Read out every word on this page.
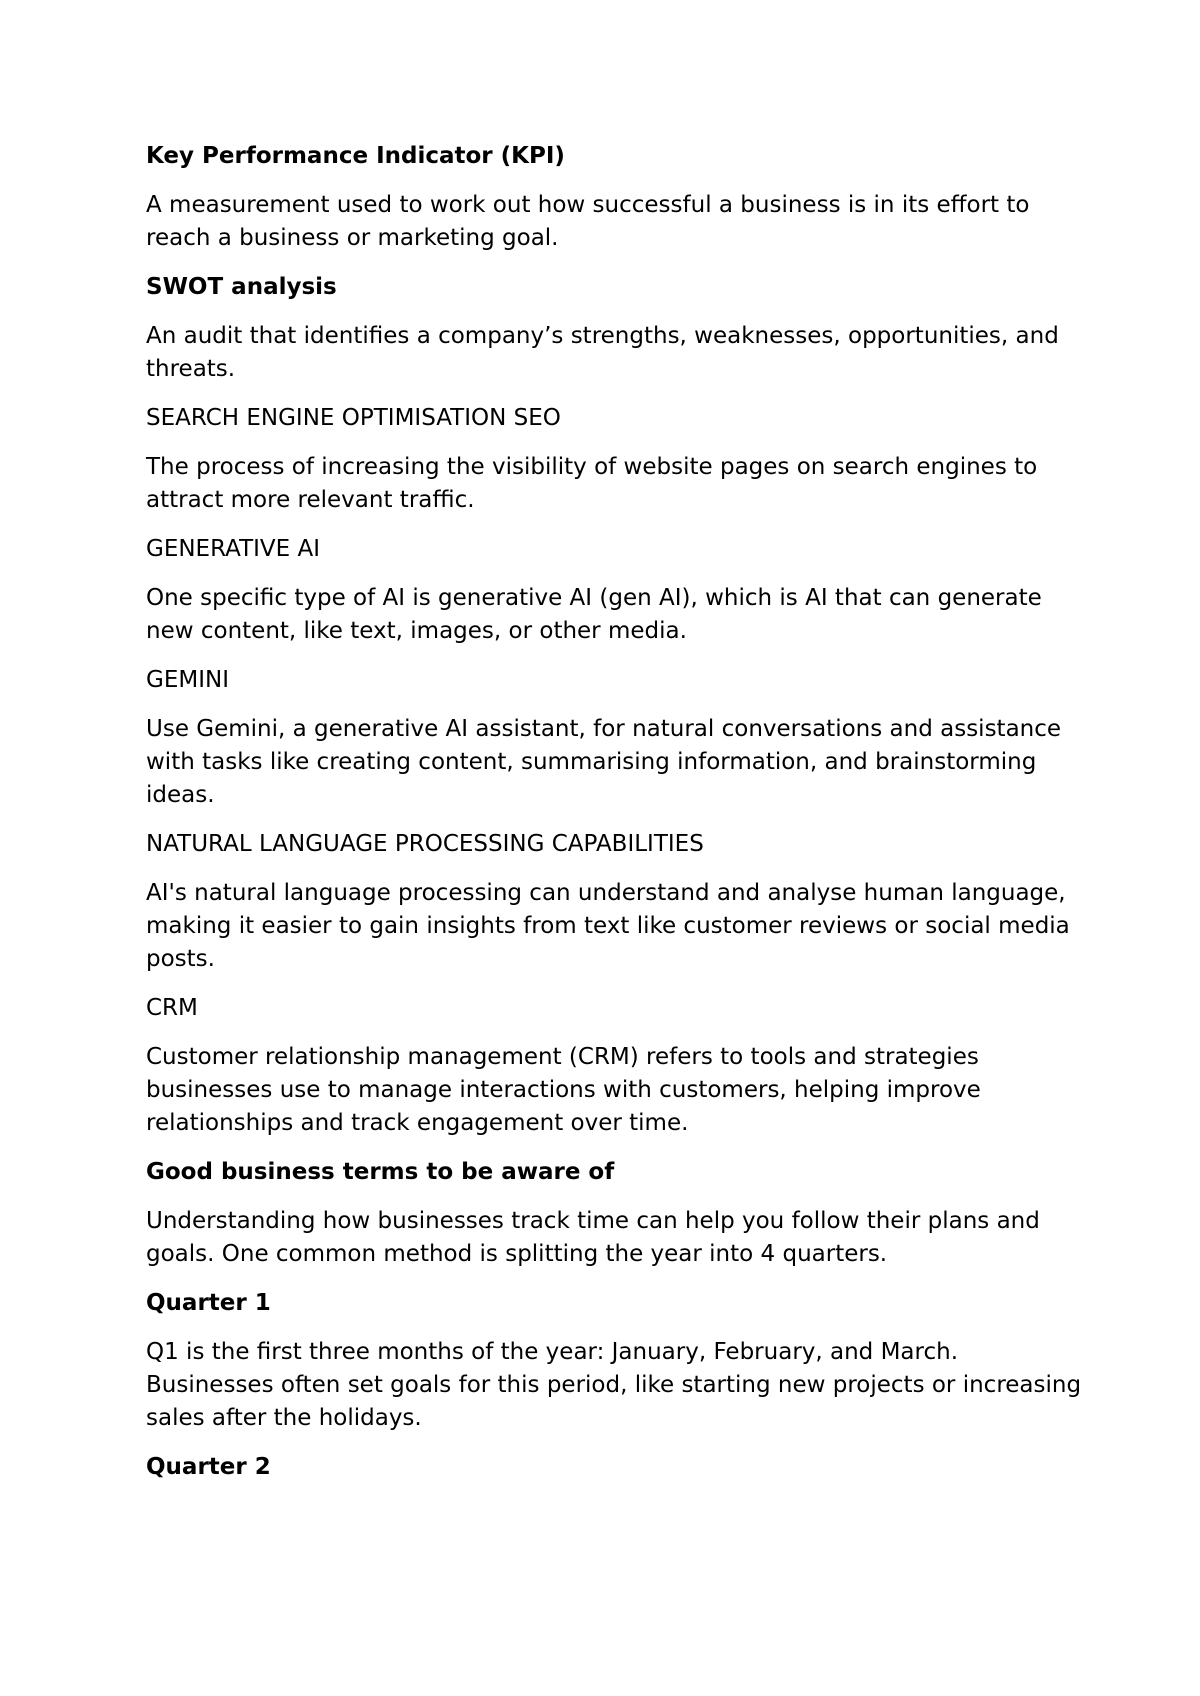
Key Performance Indicator (KPI)

A measurement used to work out how successful a business is in its effort to reach a business or marketing goal.

SWOT analysis

An audit that identifies a company’s strengths, weaknesses, opportunities, and threats.

SEARCH ENGINE OPTIMISATION SEO

The process of increasing the visibility of website pages on search engines to attract more relevant traffic.

GENERATIVE AI

One specific type of AI is generative AI (gen AI), which is AI that can generate new content, like text, images, or other media.

GEMINI

Use Gemini, a generative AI assistant, for natural conversations and assistance with tasks like creating content, summarising information, and brainstorming ideas.

NATURAL LANGUAGE PROCESSING CAPABILITIES

AI's natural language processing can understand and analyse human language, making it easier to gain insights from text like customer reviews or social media posts.

CRM

Customer relationship management (CRM) refers to tools and strategies businesses use to manage interactions with customers, helping improve relationships and track engagement over time.

Good business terms to be aware of

Understanding how businesses track time can help you follow their plans and goals. One common method is splitting the year into 4 quarters.

Quarter 1

Q1 is the first three months of the year: January, February, and March. Businesses often set goals for this period, like starting new projects or increasing sales after the holidays.

Quarter 2
